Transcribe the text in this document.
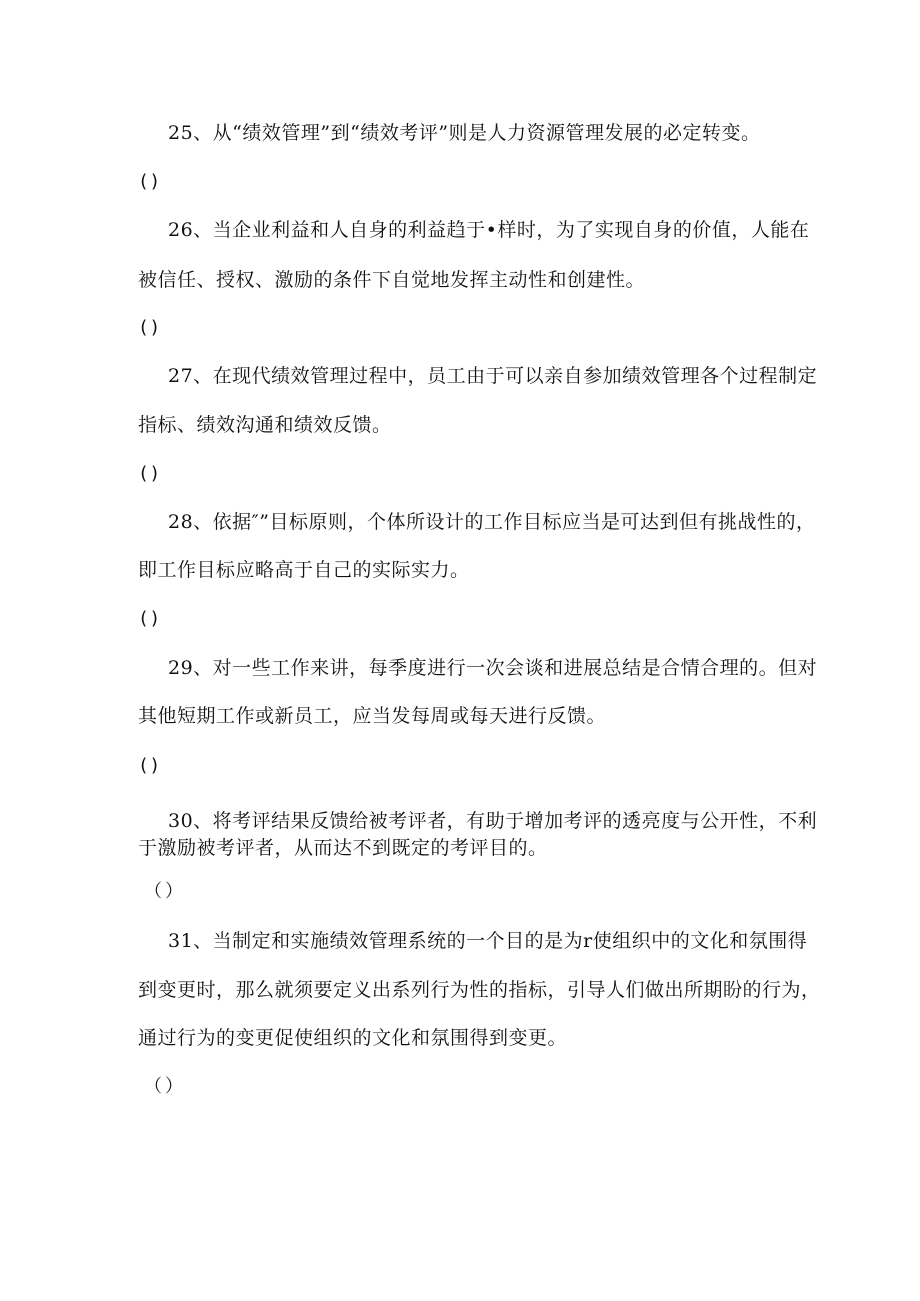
25、从“绩效管理”到“绩效考评”则是人力资源管理发展的必定转变。
()
26、当企业利益和人自身的利益趋于•样时，为了实现自身的价值，人能在
被信任、授权、激励的条件下自觉地发挥主动性和创建性。
()
27、在现代绩效管理过程中，员工由于可以亲自参加绩效管理各个过程制定
指标、绩效沟通和绩效反馈。
()
28、依据″”目标原则，个体所设计的工作目标应当是可达到但有挑战性的，
即工作目标应略高于自己的实际实力。
()
29、对一些工作来讲，每季度进行一次会谈和进展总结是合情合理的。但对
其他短期工作或新员工，应当发每周或每天进行反馈。
()
30、将考评结果反馈给被考评者，有助于增加考评的透亮度与公开性，不利
于激励被考评者，从而达不到既定的考评目的。
（）
31、当制定和实施绩效管理系统的一个目的是为r使组织中的文化和氛围得
到变更时，那么就须要定义出系列行为性的指标，引导人们做出所期盼的行为，
通过行为的变更促使组织的文化和氛围得到变更。
（）
